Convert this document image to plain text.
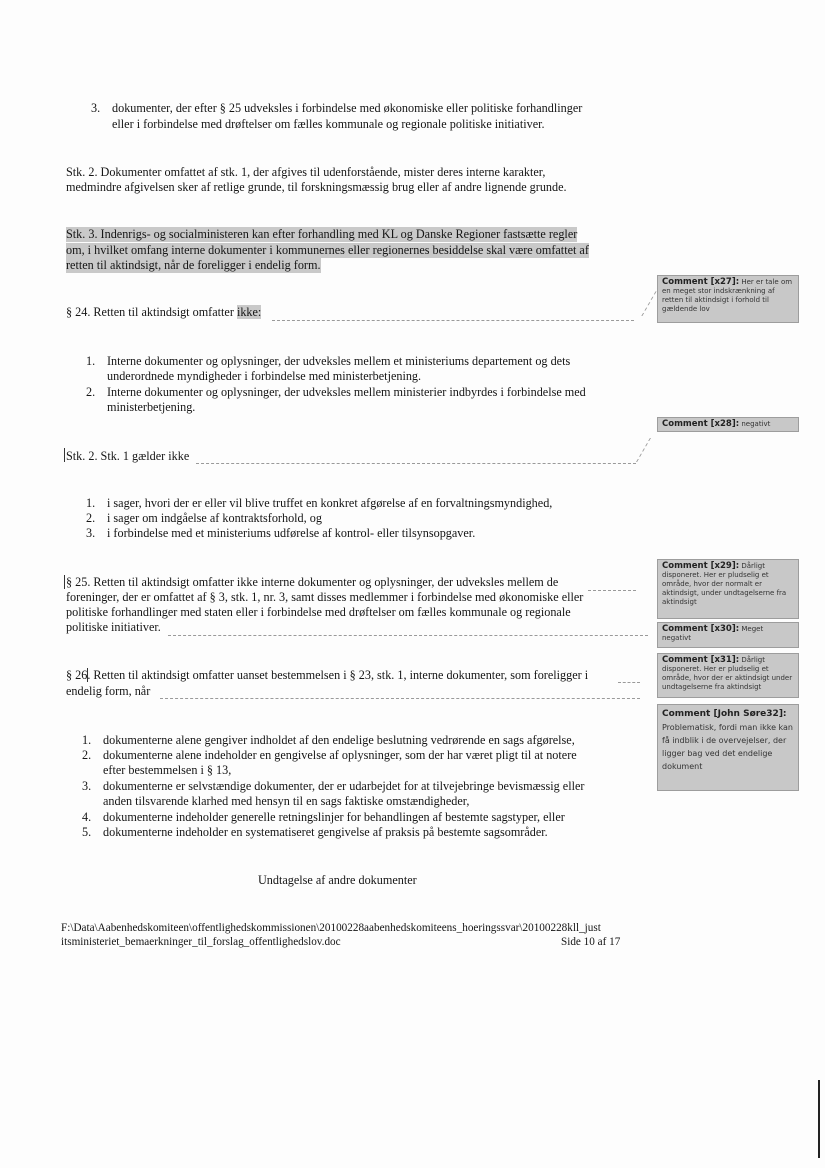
3. dokumenter, der efter § 25 udveksles i forbindelse med økonomiske eller politiske forhandlinger
eller i forbindelse med drøftelser om fælles kommunale og regionale politiske initiativer.
Stk. 2. Dokumenter omfattet af stk. 1, der afgives til udenforstående, mister deres interne karakter,
medmindre afgivelsen sker af retlige grunde, til forskningsmæssig brug eller af andre lignende grunde.
Stk. 3. Indenrigs- og socialministeren kan efter forhandling med KL og Danske Regioner fastsætte regler
om, i hvilket omfang interne dokumenter i kommunernes eller regionernes besiddelse skal være omfattet af
retten til aktindsigt, når de foreligger i endelig form.
§ 24. Retten til aktindsigt omfatter ikke:
1. Interne dokumenter og oplysninger, der udveksles mellem et ministeriums departement og dets
underordnede myndigheder i forbindelse med ministerbetjening.
2. Interne dokumenter og oplysninger, der udveksles mellem ministerier indbyrdes i forbindelse med
ministerbetjening.
Stk. 2. Stk. 1 gælder ikke
1. i sager, hvori der er eller vil blive truffet en konkret afgørelse af en forvaltningsmyndighed,
2. i sager om indgåelse af kontraktsforhold, og
3. i forbindelse med et ministeriums udførelse af kontrol- eller tilsynsopgaver.
§ 25. Retten til aktindsigt omfatter ikke interne dokumenter og oplysninger, der udveksles mellem de
foreninger, der er omfattet af § 3, stk. 1, nr. 3, samt disses medlemmer i forbindelse med økonomiske eller
politiske forhandlinger med staten eller i forbindelse med drøftelser om fælles kommunale og regionale
politiske initiativer.
§ 26. Retten til aktindsigt omfatter uanset bestemmelsen i § 23, stk. 1, interne dokumenter, som foreligger i
endelig form, når
1. dokumenterne alene gengiver indholdet af den endelige beslutning vedrørende en sags afgørelse,
2. dokumenterne alene indeholder en gengivelse af oplysninger, som der har været pligt til at notere
efter bestemmelsen i § 13,
3. dokumenterne er selvstændige dokumenter, der er udarbejdet for at tilvejebringe bevismæssig eller
anden tilsvarende klarhed med hensyn til en sags faktiske omstændigheder,
4. dokumenterne indeholder generelle retningslinjer for behandlingen af bestemte sagstyper, eller
5. dokumenterne indeholder en systematiseret gengivelse af praksis på bestemte sagsområder.
Undtagelse af andre dokumenter
F:\Data\Aabenhedskomiteen\offentlighedskommissionen\20100228aabenhedskomiteens_hoeringssvar\20100228kll_just
itsministeriet_bemaerkninger_til_forslag_offentlighedslov.doc	Side 10 af 17
Comment [x27]: Her er tale om en meget stor indskrænkning af retten til aktindsigt i forhold til gældende lov
Comment [x28]: negativt
Comment [x29]: Dårligt disponeret. Her er pludselig et område, hvor der normalt er aktindsigt, under undtagelserne fra aktindsigt
Comment [x30]: Meget negativt
Comment [x31]: Dårligt disponeret. Her er pludselig et område, hvor der er aktindsigt under undtagelserne fra aktindsigt
Comment [John Søre32]: Problematisk, fordi man ikke kan få indblik i de overvejelser, der ligger bag ved det endelige dokument
